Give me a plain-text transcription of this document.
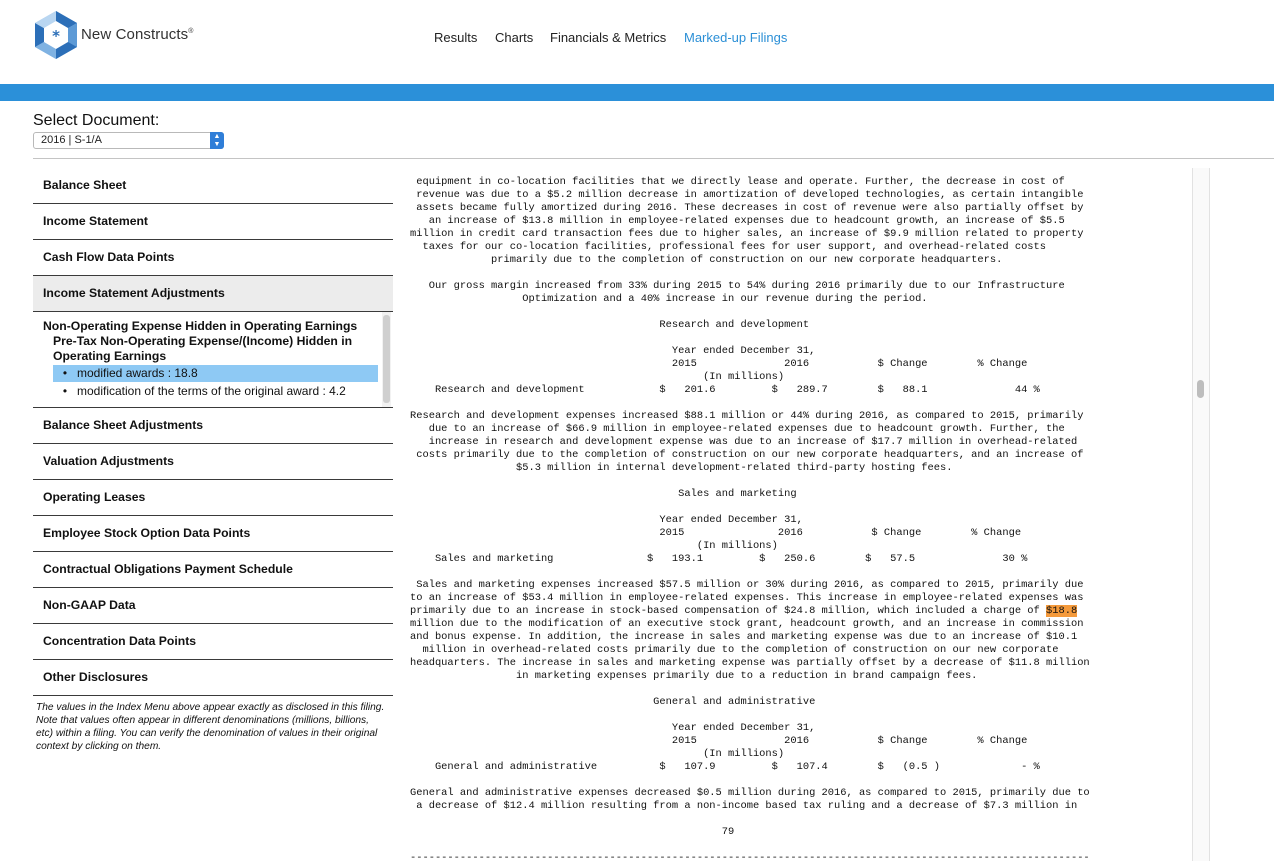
* New Constructs®	Results Charts Financials & Metrics Marked-up Filings
Select Document:
2016 | S-1/A	▲
▼
Balance Sheet
Income Statement
Cash Flow Data Points
Income Statement Adjustments
Non-Operating Expense Hidden in Operating Earnings
Pre-Tax Non-Operating Expense/(Income) Hidden in Operating Earnings
• modified awards : 18.8
• modification of the terms of the original award : 4.2
Balance Sheet Adjustments
Valuation Adjustments
Operating Leases
Employee Stock Option Data Points
Contractual Obligations Payment Schedule
Non-GAAP Data
Concentration Data Points
Other Disclosures
The values in the Index Menu above appear exactly as disclosed in this filing. Note that values often appear in different denominations (millions, billions, etc) within a filing. You can verify the denomination of values in their original context by clicking on them.
equipment in co-location facilities that we directly lease and operate. Further, the decrease in cost of
revenue was due to a $5.2 million decrease in amortization of developed technologies, as certain intangible
assets became fully amortized during 2016. These decreases in cost of revenue were also partially offset by
an increase of $13.8 million in employee-related expenses due to headcount growth, an increase of $5.5
million in credit card transaction fees due to higher sales, an increase of $9.9 million related to property
taxes for our co-location facilities, professional fees for user support, and overhead-related costs
primarily due to the completion of construction on our new corporate headquarters.

Our gross margin increased from 33% during 2015 to 54% during 2016 primarily due to our Infrastructure
Optimization and a 40% increase in our revenue during the period.

Research and development

Year ended December 31,
2015              2016           $ Change        % Change
(In millions)
Research and development            $   201.6         $   289.7        $   88.1              44 %

Research and development expenses increased $88.1 million or 44% during 2016, as compared to 2015, primarily
due to an increase of $66.9 million in employee-related expenses due to headcount growth. Further, the
increase in research and development expense was due to an increase of $17.7 million in overhead-related
costs primarily due to the completion of construction on our new corporate headquarters, and an increase of
$5.3 million in internal development-related third-party hosting fees.

Sales and marketing

Year ended December 31,
2015               2016           $ Change        % Change
(In millions)
Sales and marketing               $   193.1         $   250.6        $   57.5              30 %

Sales and marketing expenses increased $57.5 million or 30% during 2016, as compared to 2015, primarily due
to an increase of $53.4 million in employee-related expenses. This increase in employee-related expenses was
primarily due to an increase in stock-based compensation of $24.8 million, which included a charge of $18.8
million due to the modification of an executive stock grant, headcount growth, and an increase in commission
and bonus expense. In addition, the increase in sales and marketing expense was due to an increase of $10.1
million in overhead-related costs primarily due to the completion of construction on our new corporate
headquarters. The increase in sales and marketing expense was partially offset by a decrease of $11.8 million
in marketing expenses primarily due to a reduction in brand campaign fees.

General and administrative

Year ended December 31,
2015              2016           $ Change        % Change
(In millions)
General and administrative          $   107.9         $   107.4        $   (0.5 )             - %

General and administrative expenses decreased $0.5 million during 2016, as compared to 2015, primarily due to
a decrease of $12.4 million resulting from a non-income based tax ruling and a decrease of $7.3 million in

79

-------------------------------------------------------------------------------------------------------------
